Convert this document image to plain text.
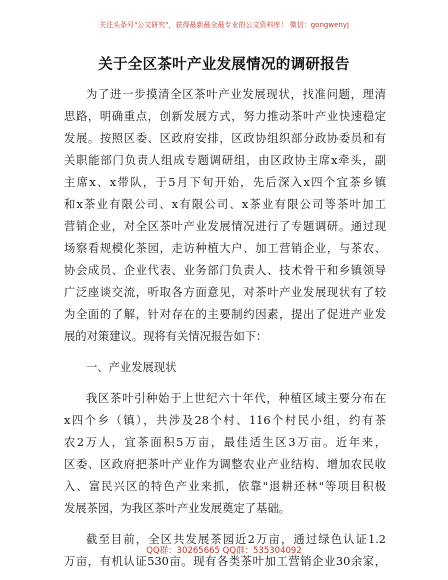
关注头条号"公文研究"，获得最新最全最专业的公文资料库！ 微信：gongwenyj
关于全区茶叶产业发展情况的调研报告
为了进一步摸清全区茶叶产业发展现状，找准问题，理清
思路，明确重点，创新发展方式，努力推动茶叶产业快速稳定
发展。按照区委、区政府安排，区政协组织部分政协委员和有
关职能部门负责人组成专题调研组，由区政协主席x牵头，副
主席x、x带队，于5月下旬开始，先后深入x四个宜茶乡镇
和x茶业有限公司、x有限公司、x茶业有限公司等茶叶加工
营销企业，对全区茶叶产业发展情况进行了专题调研。通过现
场察看规模化茶园，走访种植大户、加工营销企业，与茶农、
协会成员、企业代表、业务部门负责人、技术骨干和乡镇领导
广泛座谈交流，听取各方面意见，对茶叶产业发展现状有了较
为全面的了解，针对存在的主要制约因素，提出了促进产业发
展的对策建议。现将有关情况报告如下：
一、产业发展现状
我区茶叶引种始于上世纪六十年代，种植区域主要分布在
x四个乡（镇），共涉及28个村、116个村民小组，约有茶
农2万人，宜茶面积5万亩，最佳适生区3万亩。近年来，
区委、区政府把茶叶产业作为调整农业产业结构、增加农民收
入、富民兴区的特色产业来抓，依靠"退耕还林"等项目积极
发展茶园，为我区茶叶产业发展奠定了基础。
截至目前，全区共发展茶园近2万亩，通过绿色认证1.2
万亩，有机认证530亩。现有各类茶叶加工营销企业30余家，
QQ群：30265665 QQ群：535304092
